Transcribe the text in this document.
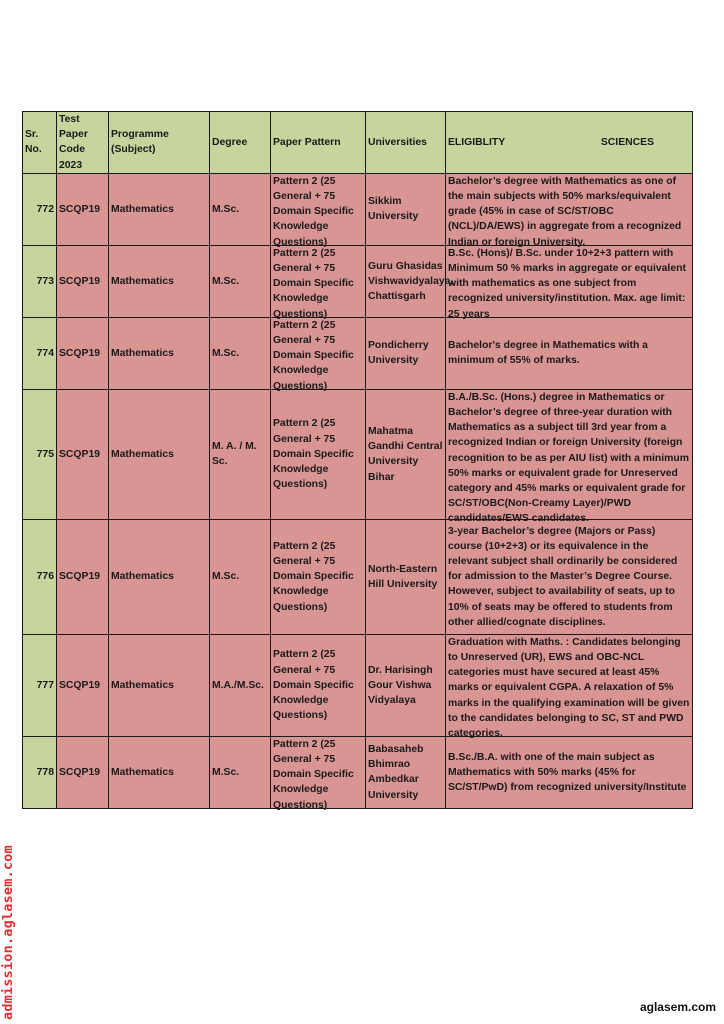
Sr. No.	Test Paper Code 2023	Programme (Subject)	Degree	Paper Pattern	Universities	ELIGIBLITY SCIENCES

772	SCQP19	Mathematics	M.Sc.	Pattern 2 (25 General + 75 Domain Specific Knowledge Questions)	Sikkim University	Bachelor’s degree with Mathematics as one of the main subjects with 50% marks/equivalent grade (45% in case of SC/ST/OBC (NCL)/DA/EWS) in aggregate from a recognized Indian or foreign University.

773	SCQP19	Mathematics	M.Sc.	Pattern 2 (25 General + 75 Domain Specific Knowledge Questions)	Guru Ghasidas Vishwavidyalaya, Chattisgarh	B.Sc. (Hons)/ B.Sc. under 10+2+3 pattern with Minimum 50 % marks in aggregate or equivalent with mathematics as one subject from recognized university/institution. Max. age limit: 25 years

774	SCQP19	Mathematics	M.Sc.	Pattern 2 (25 General + 75 Domain Specific Knowledge Questions)	Pondicherry University	Bachelor's degree in Mathematics with a minimum of 55% of marks.

775	SCQP19	Mathematics	M. A. / M. Sc.	Pattern 2 (25 General + 75 Domain Specific Knowledge Questions)	Mahatma Gandhi Central University Bihar	B.A./B.Sc. (Hons.) degree in Mathematics or Bachelor’s degree of three-year duration with Mathematics as a subject till 3rd year from a recognized Indian or foreign University (foreign recognition to be as per AIU list) with a minimum 50% marks or equivalent grade for Unreserved category and 45% marks or equivalent grade for SC/ST/OBC(Non-Creamy Layer)/PWD candidates/EWS candidates.

776	SCQP19	Mathematics	M.Sc.	Pattern 2 (25 General + 75 Domain Specific Knowledge Questions)	North-Eastern Hill University	3-year Bachelor’s degree (Majors or Pass) course (10+2+3) or its equivalence in the relevant subject shall ordinarily be considered for admission to the Master’s Degree Course. However, subject to availability of seats, up to 10% of seats may be offered to students from other allied/cognate disciplines.

777	SCQP19	Mathematics	M.A./M.Sc.	Pattern 2 (25 General + 75 Domain Specific Knowledge Questions)	Dr. Harisingh Gour Vishwa Vidyalaya	Graduation with Maths. : Candidates belonging to Unreserved (UR), EWS and OBC-NCL categories must have secured at least 45% marks or equivalent CGPA. A relaxation of 5% marks in the qualifying examination will be given to the candidates belonging to SC, ST and PWD categories.

778	SCQP19	Mathematics	M.Sc.	Pattern 2 (25 General + 75 Domain Specific Knowledge Questions)	Babasaheb Bhimrao Ambedkar University	B.Sc./B.A. with one of the main subject as Mathematics with 50% marks (45% for SC/ST/PwD) from recognized university/Institute
admission.aglasem.com	aglasem.com
